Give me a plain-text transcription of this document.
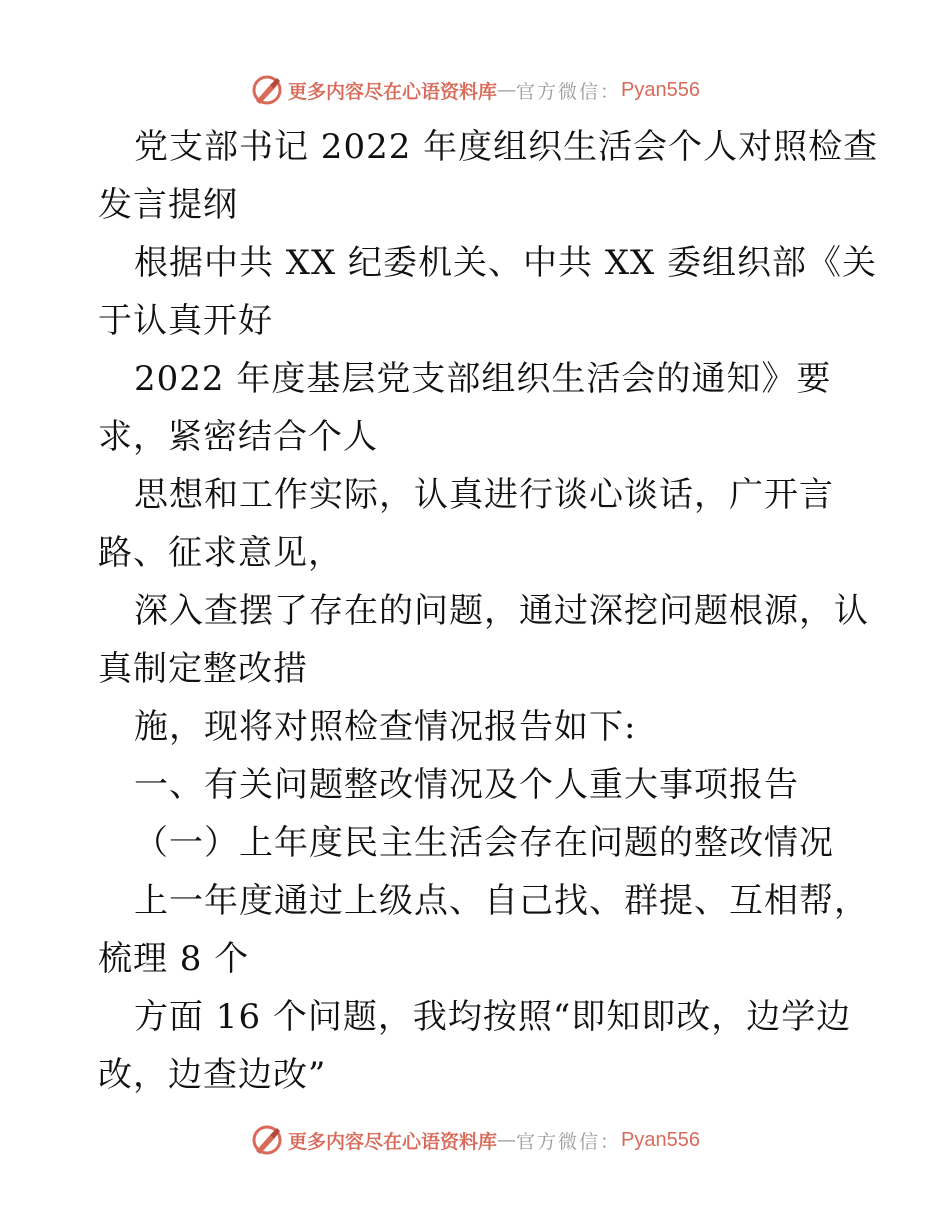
更多内容尽在心语资料库 — 官方微信： Pyan556
党支部书记 2022 年度组织生活会个人对照检查
发言提纲
根据中共 XX 纪委机关、中共 XX 委组织部《关
于认真开好
2022 年度基层党支部组织生活会的通知》要
求，紧密结合个人
思想和工作实际，认真进行谈心谈话，广开言
路、征求意见，
深入查摆了存在的问题，通过深挖问题根源，认
真制定整改措
施，现将对照检查情况报告如下:
一、有关问题整改情况及个人重大事项报告
（一）上年度民主生活会存在问题的整改情况
上一年度通过上级点、自己找、群提、互相帮，
梳理 8 个
方面 16 个问题，我均按照“即知即改，边学边
改，边查边改”
更多内容尽在心语资料库 — 官方微信： Pyan556
